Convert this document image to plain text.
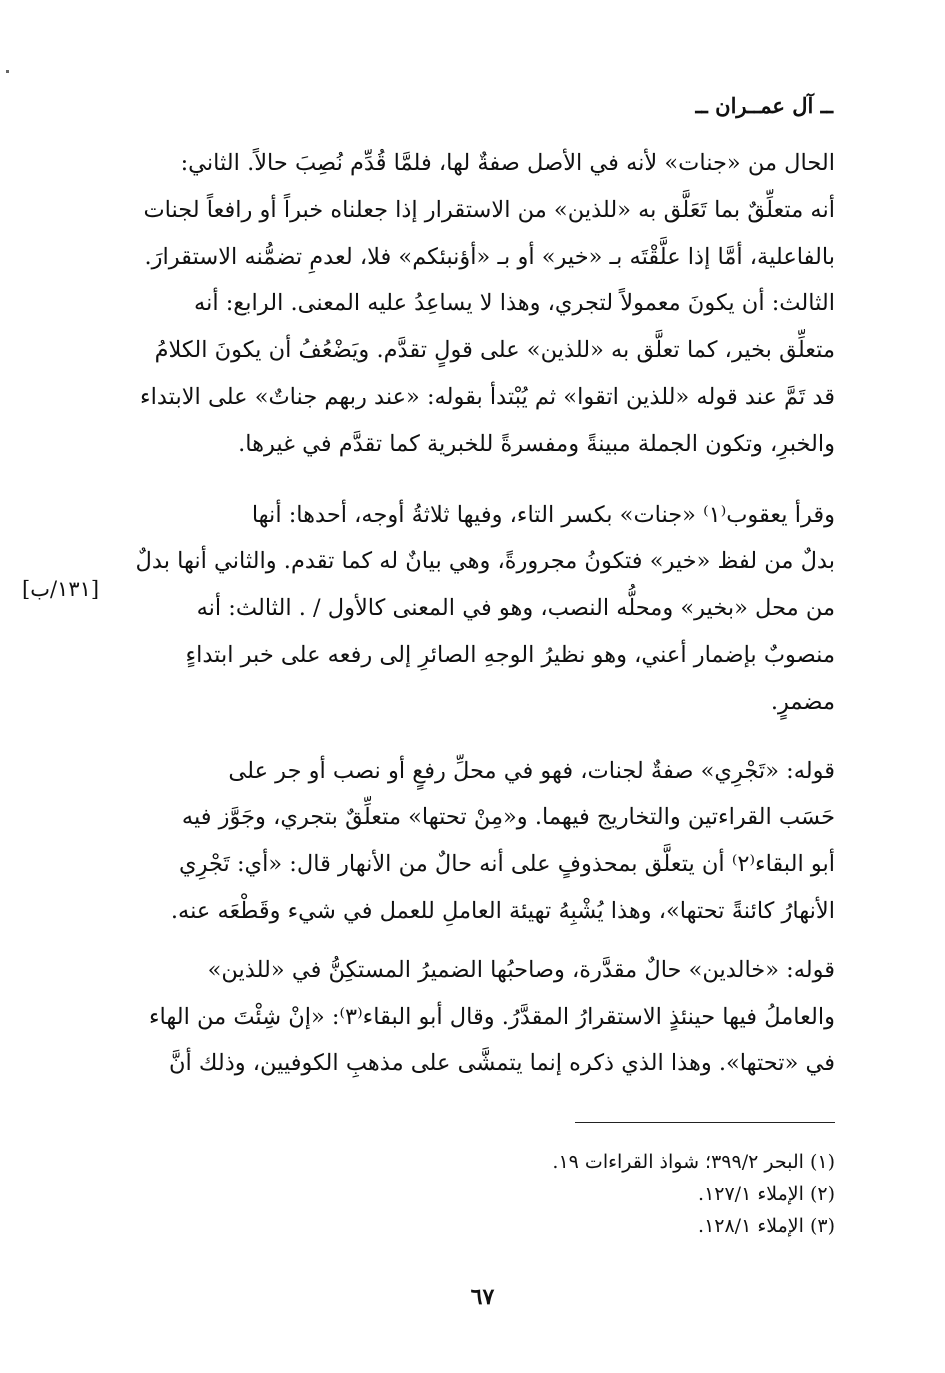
ــ آل عمــران ــ
[١٣١/ب]
الحال من «جنات» لأنه في الأصل صفةٌ لها، فلمَّا قُدِّم نُصِبَ حالاً. الثاني:
أنه متعلِّقٌ بما تَعَلَّق به «للذين» من الاستقرار إذا جعلناه خبراً أو رافعاً لجنات
بالفاعلية، أمَّا إذا علَّقْتَه بـ «خير» أو بـ «أؤنبئكم» فلا، لعدمِ تضمُّنه الاستقرارَ.
الثالث: أن يكونَ معمولاً لتجري، وهذا لا يساعِدُ عليه المعنى. الرابع: أنه
متعلِّق بخير، كما تعلَّق به «للذين» على قولٍ تقدَّم. ويَضْعُفُ أن يكونَ الكلامُ
قد تَمَّ عند قوله «للذين اتقوا» ثم يُبْتدأ بقوله: «عند ربهم جناتٌ» على الابتداء
والخبرِ، وتكون الجملة مبينةً ومفسرةً للخبرية كما تقدَّم في غيرها.
وقرأ يعقوب⁽١⁾ «جنات» بكسر التاء، وفيها ثلاثةُ أوجه، أحدها: أنها
بدلٌ من لفظ «خير» فتكونُ مجرورةً، وهي بيانٌ له كما تقدم. والثاني أنها بدلٌ
من محل «بخير» ومحلُّه النصب، وهو في المعنى كالأول / . الثالث: أنه
منصوبٌ بإضمار أعني، وهو نظيرُ الوجهِ الصائرِ إلى رفعه على خبر ابتداءٍ
مضمرٍ.
قوله: «تَجْرِي» صفةٌ لجنات، فهو في محلِّ رفعٍ أو نصب أو جر على
حَسَب القراءتين والتخاريج فيهما. و«مِنْ تحتها» متعلِّقٌ بتجري، وجَوَّز فيه
أبو البقاء⁽٢⁾ أن يتعلَّق بمحذوفٍ على أنه حالٌ من الأنهار قال: «أي: تَجْرِي
الأنهارُ كائنةً تحتها»، وهذا يُشْبِهُ تهيئة العاملِ للعمل في شيء وقَطْعَه عنه.
قوله: «خالدين» حالٌ مقدَّرة، وصاحبُها الضميرُ المستكِنُّ في «للذين»
والعاملُ فيها حينئذٍ الاستقرارُ المقدَّرُ. وقال أبو البقاء⁽٣⁾: «إنْ شِئْتَ من الهاء
في «تحتها». وهذا الذي ذكره إنما يتمشَّى على مذهبِ الكوفيين، وذلك أنَّ
(١) البحر ٣٩٩/٢؛ شواذ القراءات ١٩.
(٢) الإملاء ١٢٧/١.
(٣) الإملاء ١٢٨/١.
٦٧
